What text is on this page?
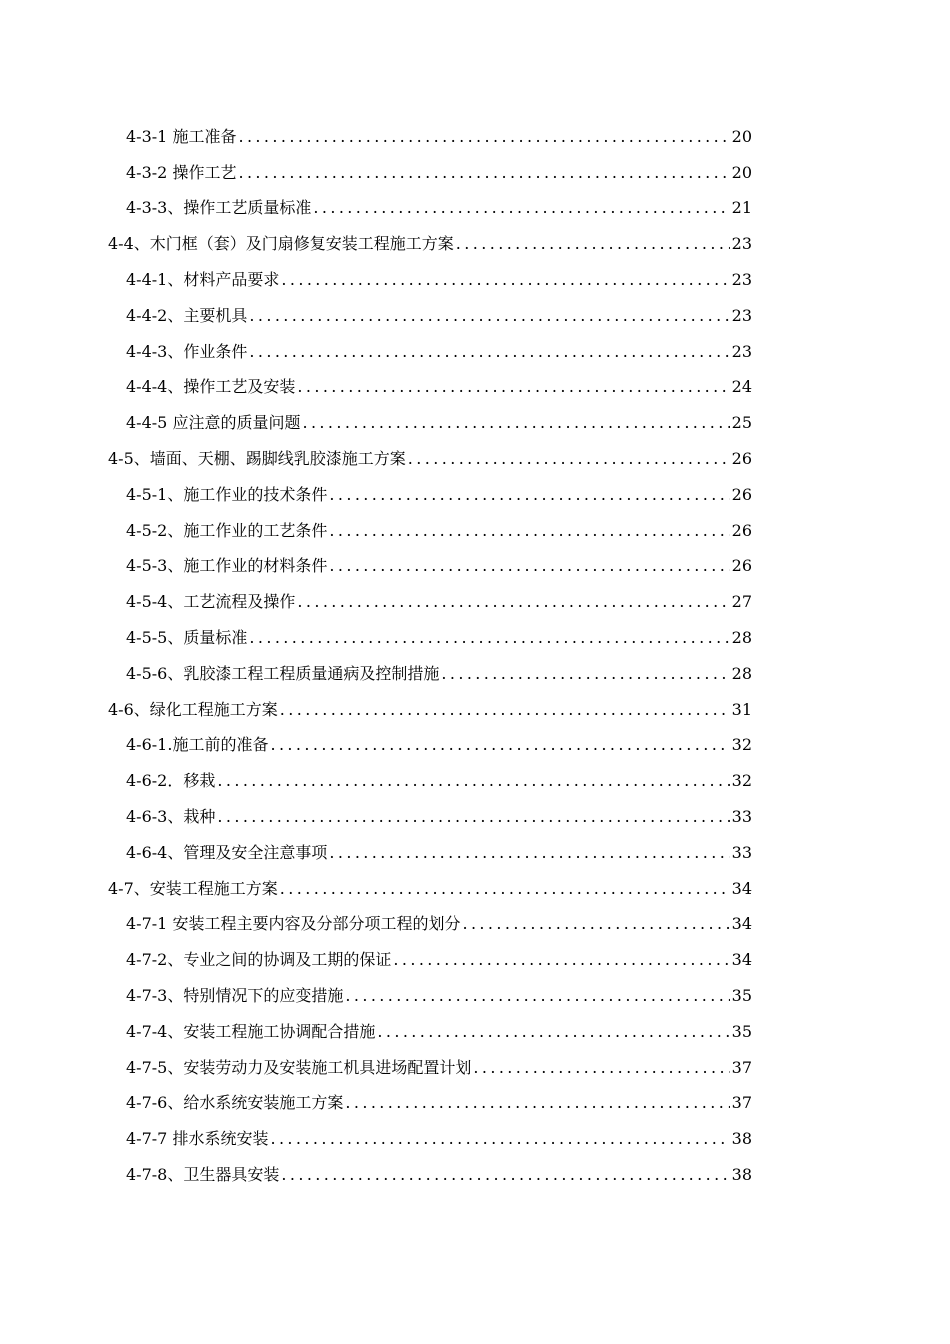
4-3-1 施工准备 .....	20
4-3-2 操作工艺 .....	20
4-3-3、操作工艺质量标准 .....	21
4-4、木门框（套）及门扇修复安装工程施工方案 .....	23
4-4-1、材料产品要求 .....	23
4-4-2、主要机具 .....	23
4-4-3、作业条件 .....	23
4-4-4、操作工艺及安装 .....	24
4-4-5 应注意的质量问题 .....	25
4-5、墙面、天棚、踢脚线乳胶漆施工方案 .....	26
4-5-1、施工作业的技术条件 .....	26
4-5-2、施工作业的工艺条件 .....	26
4-5-3、施工作业的材料条件 .....	26
4-5-4、工艺流程及操作 .....	27
4-5-5、质量标准 .....	28
4-5-6、乳胶漆工程工程质量通病及控制措施 .....	28
4-6、绿化工程施工方案 .....	31
4-6-1.施工前的准备 .....	32
4-6-2．移栽 .....	32
4-6-3、栽种 .....	33
4-6-4、管理及安全注意事项 .....	33
4-7、安装工程施工方案 .....	34
4-7-1 安装工程主要内容及分部分项工程的划分 .....	34
4-7-2、专业之间的协调及工期的保证 .....	34
4-7-3、特别情况下的应变措施 .....	35
4-7-4、安装工程施工协调配合措施 .....	35
4-7-5、安装劳动力及安装施工机具进场配置计划 .....	37
4-7-6、给水系统安装施工方案 .....	37
4-7-7 排水系统安装 .....	38
4-7-8、卫生器具安装 .....	38
